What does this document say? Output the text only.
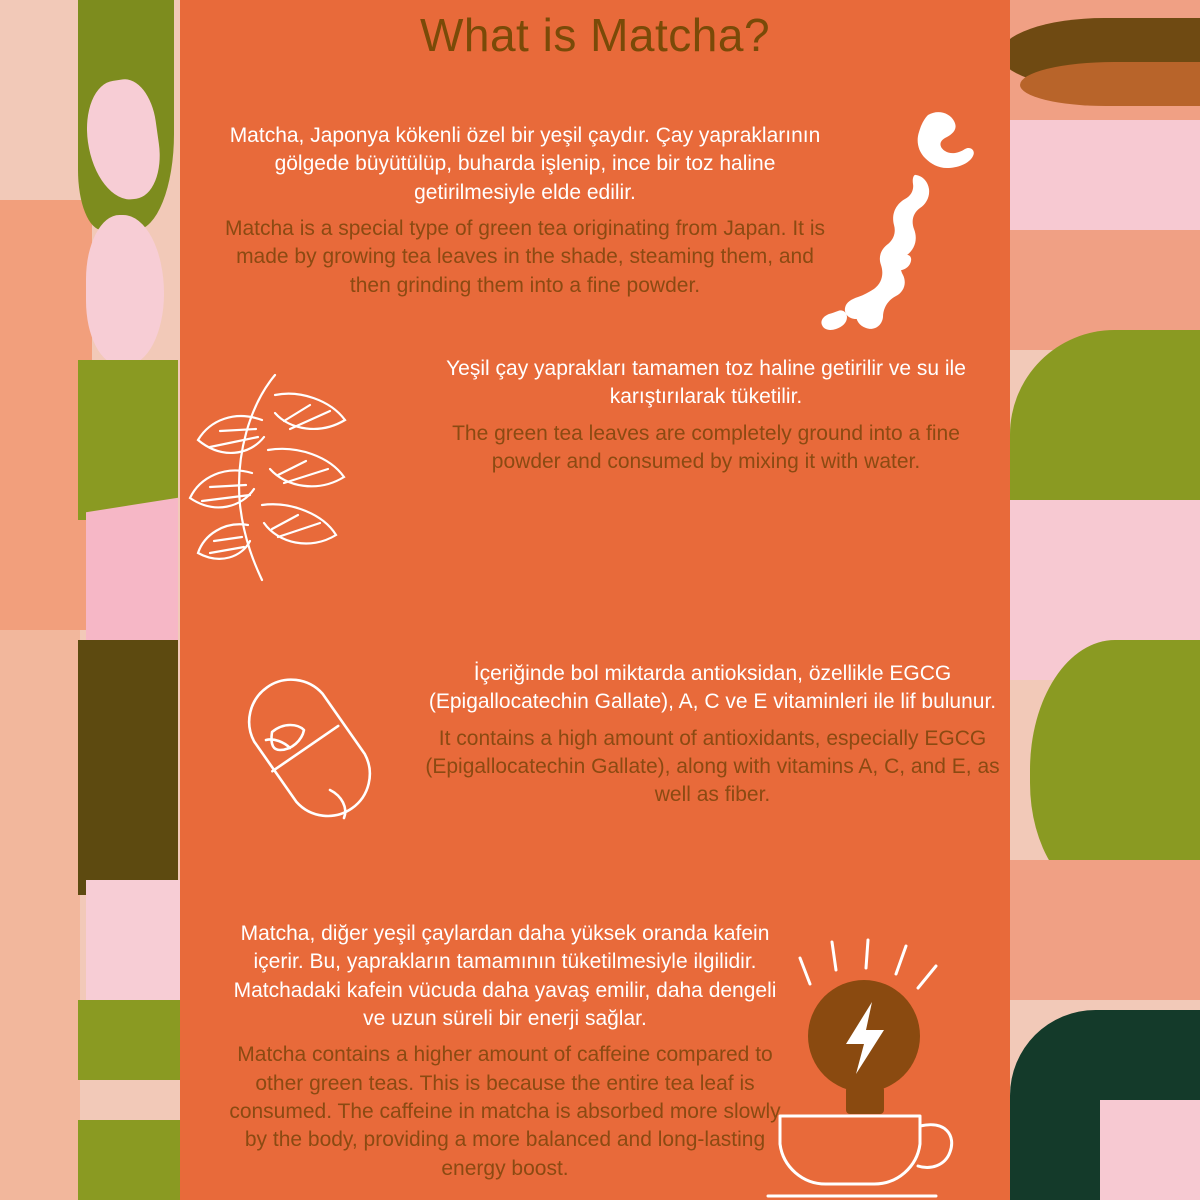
What is Matcha?

Matcha, Japonya kökenli özel bir yeşil çaydır. Çay yapraklarının gölgede büyütülüp, buharda işlenip, ince bir toz haline getirilmesiyle elde edilir.

Matcha is a special type of green tea originating from Japan. It is made by growing tea leaves in the shade, steaming them, and then grinding them into a fine powder.

Yeşil çay yaprakları tamamen toz haline getirilir ve su ile karıştırılarak tüketilir.

The green tea leaves are completely ground into a fine powder and consumed by mixing it with water.

İçeriğinde bol miktarda antioksidan, özellikle EGCG (Epigallocatechin Gallate), A, C ve E vitaminleri ile lif bulunur.

It contains a high amount of antioxidants, especially EGCG (Epigallocatechin Gallate), along with vitamins A, C, and E, as well as fiber.

Matcha, diğer yeşil çaylardan daha yüksek oranda kafein içerir. Bu, yaprakların tamamının tüketilmesiyle ilgilidir. Matchadaki kafein vücuda daha yavaş emilir, daha dengeli ve uzun süreli bir enerji sağlar.

Matcha contains a higher amount of caffeine compared to other green teas. This is because the entire tea leaf is consumed. The caffeine in matcha is absorbed more slowly by the body, providing a more balanced and long-lasting energy boost.
